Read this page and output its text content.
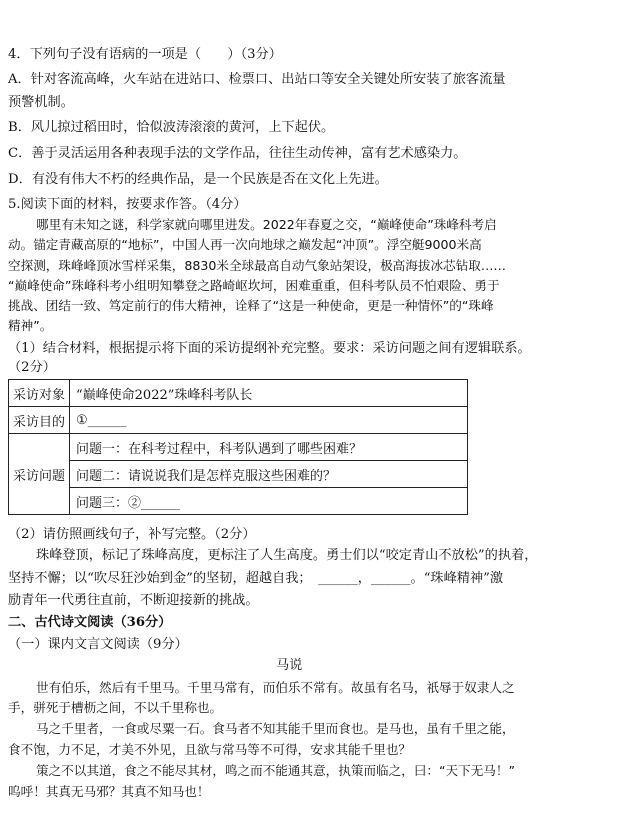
4．下列句子没有语病的一项是（　　）（3分）
A．针对客流高峰，火车站在进站口、检票口、出站口等安全关键处所安装了旅客流量
预警机制。
B．风儿掠过稻田时，恰似波涛滚滚的黄河，上下起伏。
C．善于灵活运用各种表现手法的文学作品，往往生动传神，富有艺术感染力。
D．有没有伟大不朽的经典作品，是一个民族是否在文化上先进。
5.阅读下面的材料，按要求作答。（4分）
哪里有未知之谜，科学家就向哪里进发。2022年春夏之交，“巅峰使命”珠峰科考启
动。锚定青藏高原的“地标”，中国人再一次向地球之巅发起“冲顶”。浮空艇9000米高
空探测，珠峰峰顶冰雪样采集，8830米全球最高自动气象站架设，极高海拔冰芯钻取……
“巅峰使命”珠峰科考小组明知攀登之路崎岖坎坷，困难重重，但科考队员不怕艰险、勇于
挑战、团结一致、笃定前行的伟大精神，诠释了“这是一种使命，更是一种情怀”的“珠峰
精神”。
（1）结合材料，根据提示将下面的采访提纲补充完整。要求：采访问题之间有逻辑联系。
（2分）
采访对象	“巅峰使命2022”珠峰科考队长
采访目的	①______
采访问题	问题一：在科考过程中，科考队遇到了哪些困难？
	问题二：请说说我们是怎样克服这些困难的？
	问题三：②______
（2）请仿照画线句子，补写完整。（2分）
珠峰登顶，标记了珠峰高度，更标注了人生高度。勇士们以“咬定青山不放松”的执着，
坚持不懈；以“吹尽狂沙始到金”的坚韧，超越自我；　______，______。“珠峰精神”激
励青年一代勇往直前，不断迎接新的挑战。
二、古代诗文阅读（36分）
（一）课内文言文阅读（9分）
马说
世有伯乐，然后有千里马。千里马常有，而伯乐不常有。故虽有名马，祇辱于奴隶人之
手，骈死于槽枥之间，不以千里称也。
马之千里者，一食或尽粟一石。食马者不知其能千里而食也。是马也，虽有千里之能，
食不饱，力不足，才美不外见，且欲与常马等不可得，安求其能千里也？
策之不以其道，食之不能尽其材，鸣之而不能通其意，执策而临之，曰：“天下无马！”
呜呼！其真无马邪？其真不知马也！
